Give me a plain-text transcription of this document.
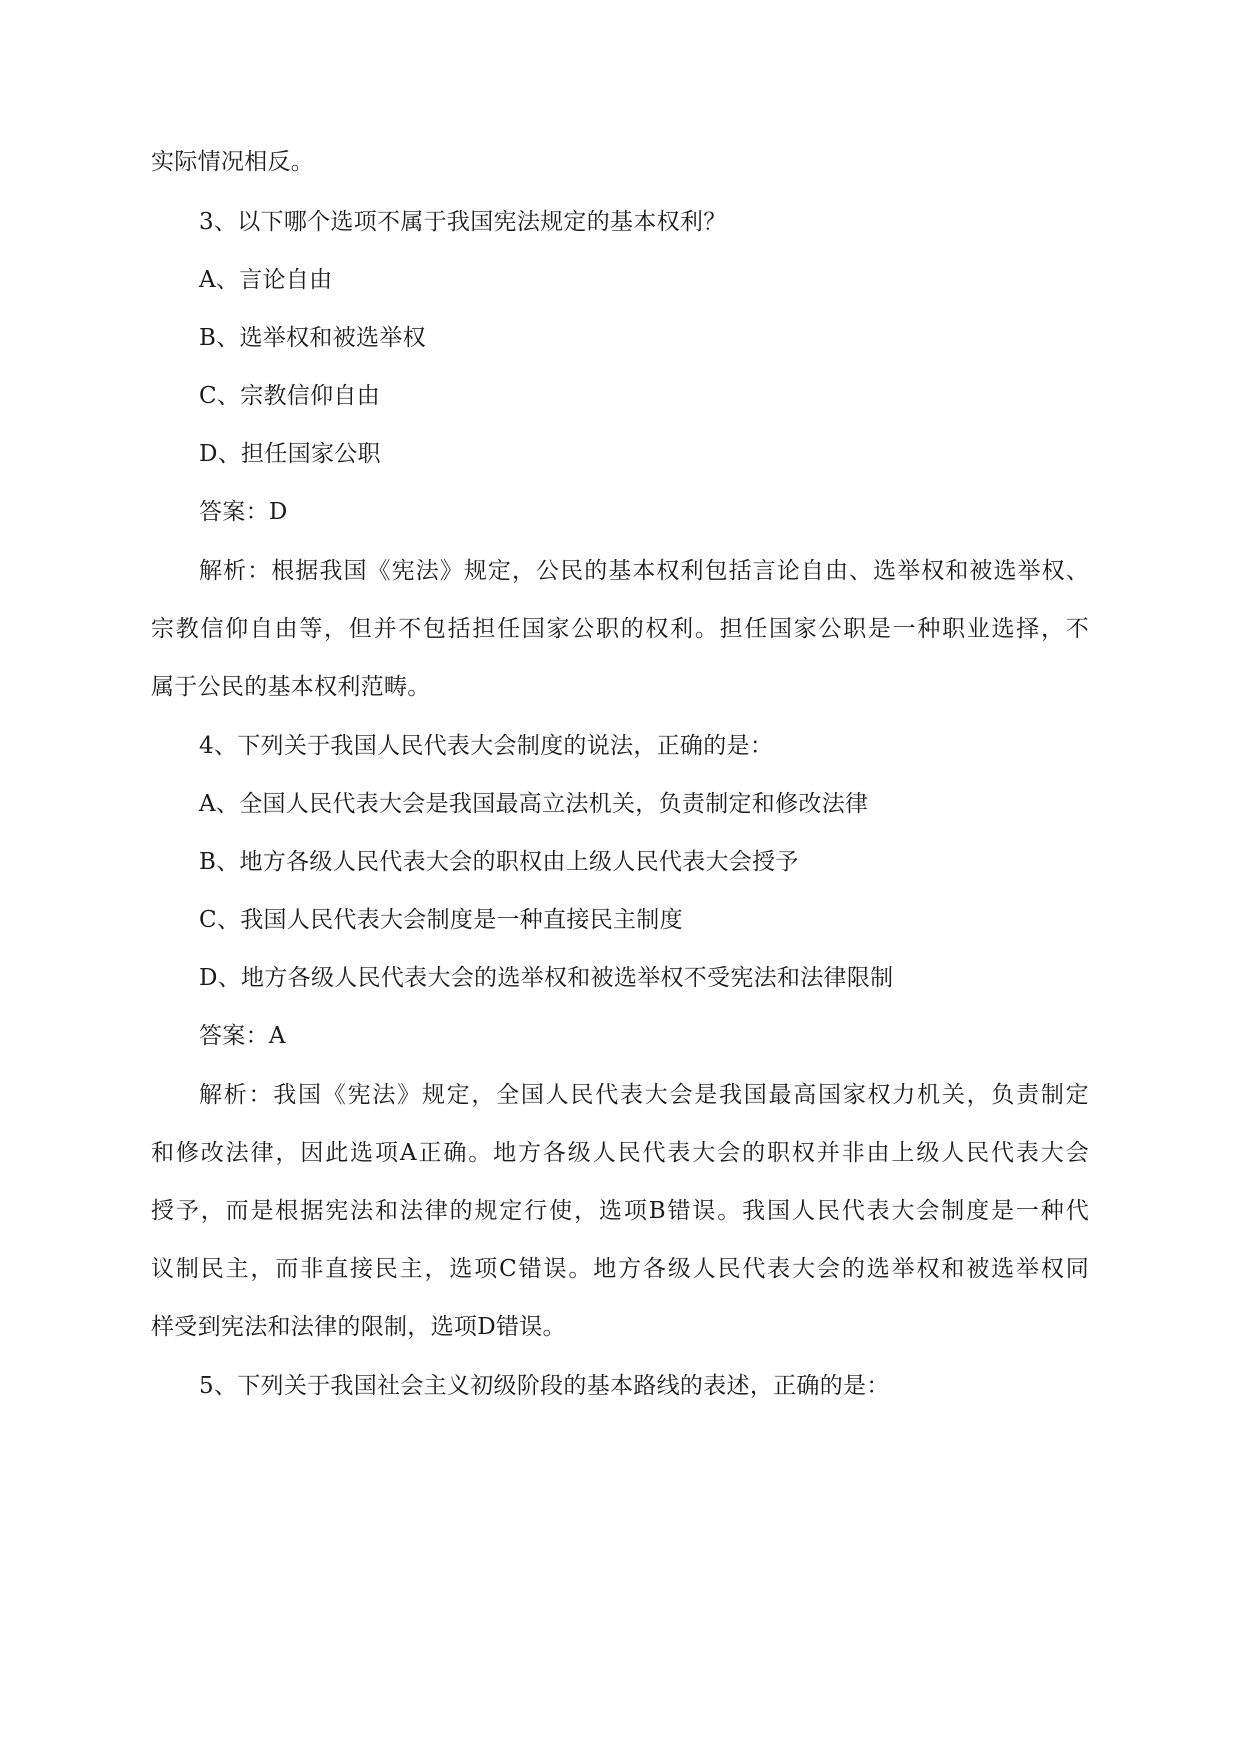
实际情况相反。
3、以下哪个选项不属于我国宪法规定的基本权利？
A、言论自由
B、选举权和被选举权
C、宗教信仰自由
D、担任国家公职
答案：D
解析：根据我国《宪法》规定，公民的基本权利包括言论自由、选举权和被选举权、
宗教信仰自由等，但并不包括担任国家公职的权利。担任国家公职是一种职业选择，不
属于公民的基本权利范畴。
4、下列关于我国人民代表大会制度的说法，正确的是：
A、全国人民代表大会是我国最高立法机关，负责制定和修改法律
B、地方各级人民代表大会的职权由上级人民代表大会授予
C、我国人民代表大会制度是一种直接民主制度
D、地方各级人民代表大会的选举权和被选举权不受宪法和法律限制
答案：A
解析：我国《宪法》规定，全国人民代表大会是我国最高国家权力机关，负责制定
和修改法律，因此选项A正确。地方各级人民代表大会的职权并非由上级人民代表大会
授予，而是根据宪法和法律的规定行使，选项B错误。我国人民代表大会制度是一种代
议制民主，而非直接民主，选项C错误。地方各级人民代表大会的选举权和被选举权同
样受到宪法和法律的限制，选项D错误。
5、下列关于我国社会主义初级阶段的基本路线的表述，正确的是：
